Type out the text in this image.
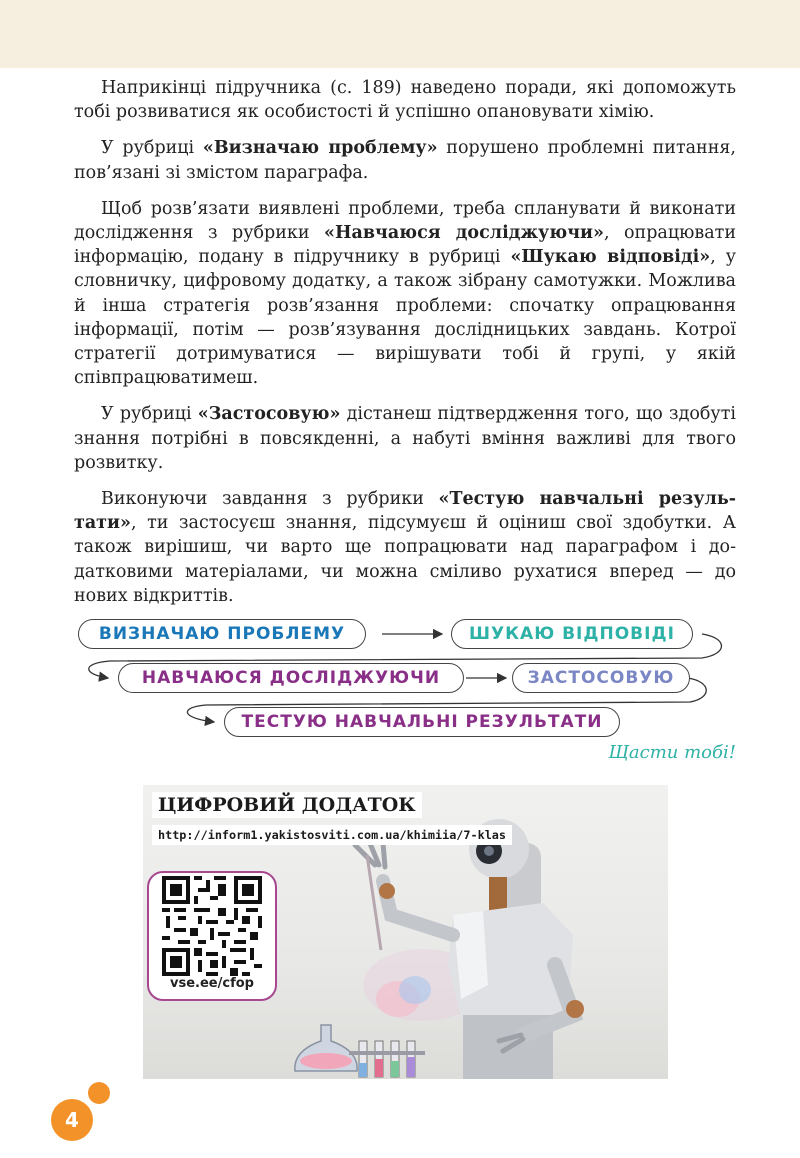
Наприкінці підручника (с. 189) наведено поради, які допоможуть тобі розвиватися як особистості й успішно опановувати хімію.

У рубриці «Визначаю проблему» порушено проблемні питання, пов’язані зі змістом параграфа.

Щоб розв’язати виявлені проблеми, треба спланувати й виконати дослідження з рубрики «Навчаюся досліджуючи», опрацювати інформацію, подану в підручнику в рубриці «Шукаю відповіді», у словничку, цифровому додатку, а також зібрану самотужки. Можлива й інша стратегія розв’язання проблеми: спочатку опрацювання інформації, потім — розв’язування дослідницьких завдань. Котрої стратегії дотримуватися — вирішувати тобі й групі, у якій співпрацюватимеш.

У рубриці «Застосовую» дістанеш підтвердження того, що здобуті знання потрібні в повсякденні, а набуті вміння важливі для твого розвитку.

Виконуючи завдання з рубрики «Тестую навчальні результати», ти застосуєш знання, підсумуєш й оціниш свої здобутки. А також вирішиш, чи варто ще попрацювати над параграфом і додатковими матеріалами, чи можна сміливо рухатися вперед — до нових відкриттів.

ВИЗНАЧАЮ ПРОБЛЕМУ	ШУКАЮ ВІДПОВІДІ
НАВЧАЮСЯ ДОСЛІДЖУЮЧИ	ЗАСТОСОВУЮ
ТЕСТУЮ НАВЧАЛЬНІ РЕЗУЛЬТАТИ
Щасти тобі!
ЦИФРОВИЙ ДОДАТОК
http://inform1.yakistosviti.com.ua/khimiia/7-klas
vse.ee/cfop
4
